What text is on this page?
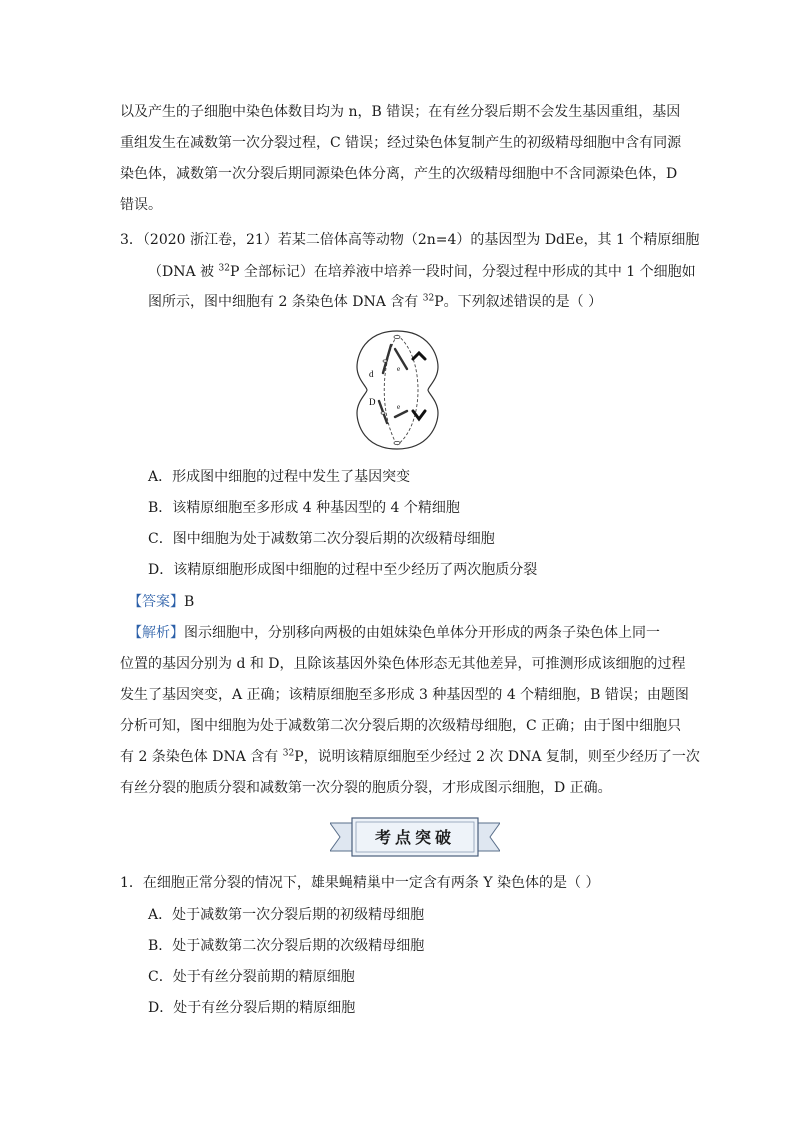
以及产生的子细胞中染色体数目均为 n，B 错误；在有丝分裂后期不会发生基因重组，基因
重组发生在减数第一次分裂过程，C 错误；经过染色体复制产生的初级精母细胞中含有同源
染色体，减数第一次分裂后期同源染色体分离，产生的次级精母细胞中不含同源染色体，D
错误。
3．（2020 浙江卷，21）若某二倍体高等动物（2n=4）的基因型为 DdEe，其 1 个精原细胞
（DNA 被 $^{32}$P 全部标记）在培养液中培养一段时间，分裂过程中形成的其中 1 个细胞如
图所示，图中细胞有 2 条染色体 DNA 含有 $^{32}$P。下列叙述错误的是（ ）
d	e
D	e
A．形成图中细胞的过程中发生了基因突变
B．该精原细胞至多形成 4 种基因型的 4 个精细胞
C．图中细胞为处于减数第二次分裂后期的次级精母细胞
D．该精原细胞形成图中细胞的过程中至少经历了两次胞质分裂
【答案】B
【解析】图示细胞中，分别移向两极的由姐妹染色单体分开形成的两条子染色体上同一
位置的基因分别为 d 和 D，且除该基因外染色体形态无其他差异，可推测形成该细胞的过程
发生了基因突变，A 正确；该精原细胞至多形成 3 种基因型的 4 个精细胞，B 错误；由题图
分析可知，图中细胞为处于减数第二次分裂后期的次级精母细胞，C 正确；由于图中细胞只
有 2 条染色体 DNA 含有 $^{32}$P，说明该精原细胞至少经过 2 次 DNA 复制，则至少经历了一次
有丝分裂的胞质分裂和减数第一次分裂的胞质分裂，才形成图示细胞，D 正确。
考点突破
1．在细胞正常分裂的情况下，雄果蝇精巢中一定含有两条 Y 染色体的是（ ）
A．处于减数第一次分裂后期的初级精母细胞
B．处于减数第二次分裂后期的次级精母细胞
C．处于有丝分裂前期的精原细胞
D．处于有丝分裂后期的精原细胞
